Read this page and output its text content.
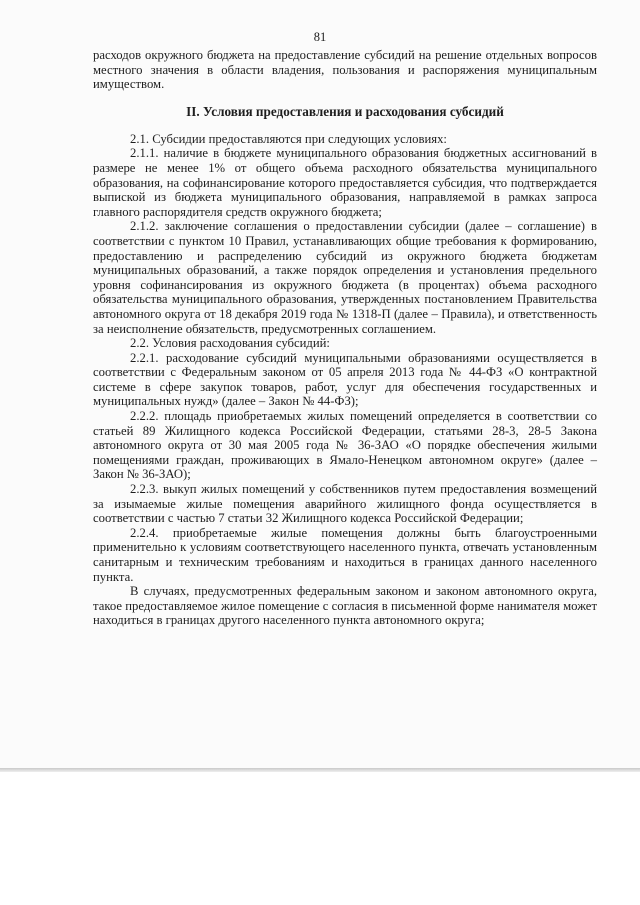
81

расходов окружного бюджета на предоставление субсидий на решение отдельных вопросов местного значения в области владения, пользования и распоряжения муниципальным имуществом.

II. Условия предоставления и расходования субсидий

2.1. Субсидии предоставляются при следующих условиях:

2.1.1. наличие в бюджете муниципального образования бюджетных ассигнований в размере не менее 1% от общего объема расходного обязательства муниципального образования, на софинансирование которого предоставляется субсидия, что подтверждается выпиской из бюджета муниципального образования, направляемой в рамках запроса главного распорядителя средств окружного бюджета;

2.1.2. заключение соглашения о предоставлении субсидии (далее – соглашение) в соответствии с пунктом 10 Правил, устанавливающих общие требования к формированию, предоставлению и распределению субсидий из окружного бюджета бюджетам муниципальных образований, а также порядок определения и установления предельного уровня софинансирования из окружного бюджета (в процентах) объема расходного обязательства муниципального образования, утвержденных постановлением Правительства автономного округа от 18 декабря 2019 года № 1318-П (далее – Правила), и ответственность за неисполнение обязательств, предусмотренных соглашением.

2.2. Условия расходования субсидий:

2.2.1. расходование субсидий муниципальными образованиями осуществляется в соответствии с Федеральным законом от 05 апреля 2013 года № 44-ФЗ «О контрактной системе в сфере закупок товаров, работ, услуг для обеспечения государственных и муниципальных нужд» (далее – Закон № 44-ФЗ);

2.2.2. площадь приобретаемых жилых помещений определяется в соответствии со статьей 89 Жилищного кодекса Российской Федерации, статьями 28-3, 28-5 Закона автономного округа от 30 мая 2005 года № 36-ЗАО «О порядке обеспечения жилыми помещениями граждан, проживающих в Ямало-Ненецком автономном округе» (далее – Закон № 36-ЗАО);

2.2.3. выкуп жилых помещений у собственников путем предоставления возмещений за изымаемые жилые помещения аварийного жилищного фонда осуществляется в соответствии с частью 7 статьи 32 Жилищного кодекса Российской Федерации;

2.2.4. приобретаемые жилые помещения должны быть благоустроенными применительно к условиям соответствующего населенного пункта, отвечать установленным санитарным и техническим требованиям и находиться в границах данного населенного пункта.

В случаях, предусмотренных федеральным законом и законом автономного округа, такое предоставляемое жилое помещение с согласия в письменной форме нанимателя может находиться в границах другого населенного пункта автономного округа;
